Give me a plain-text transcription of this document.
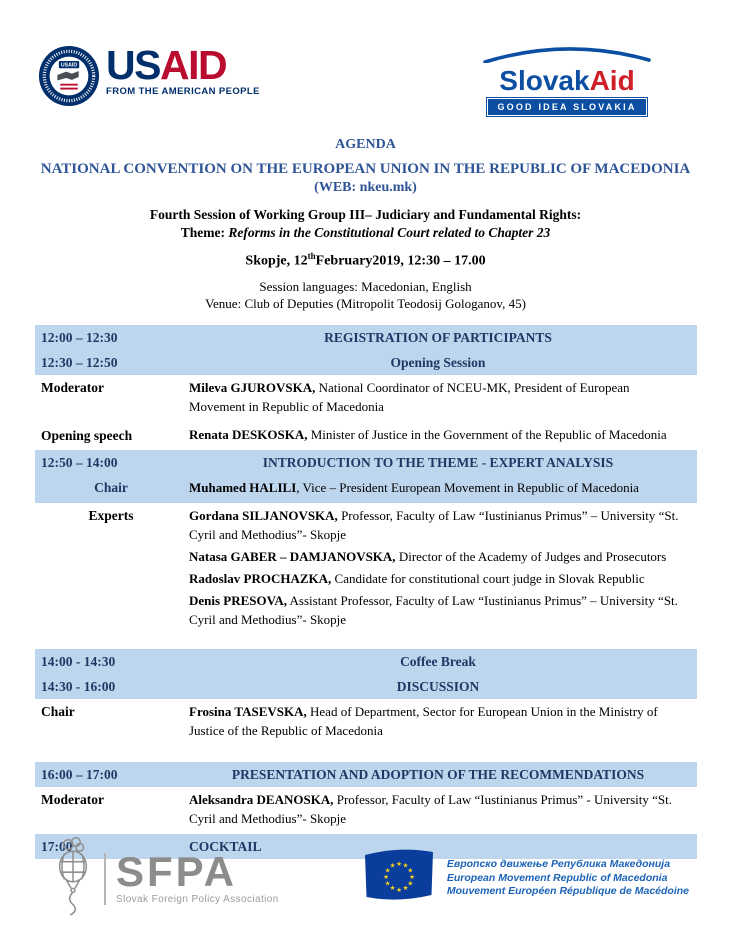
USAID USAID
FROM THE AMERICAN PEOPLE	SlovakAid
GOOD IDEA SLOVAKIA
AGENDA
NATIONAL CONVENTION ON THE EUROPEAN UNION IN THE REPUBLIC OF MACEDONIA
(WEB: nkeu.mk)
Fourth Session of Working Group III– Judiciary and Fundamental Rights:
Theme: Reforms in the Constitutional Court related to Chapter 23
Skopje, 12thFebruary2019, 12:30 – 17.00
Session languages: Macedonian, English
Venue: Club of Deputies (Mitropolit Teodosij Gologanov, 45)
12:00 – 12:30	REGISTRATION OF PARTICIPANTS
12:30 – 12:50	Opening Session
Moderator	Mileva GJUROVSKA, National Coordinator of NCEU-MK, President of European Movement in Republic of Macedonia
Opening speech	Renata DESKOSKA, Minister of Justice in the Government of the Republic of Macedonia
12:50 – 14:00	INTRODUCTION TO THE THEME - EXPERT ANALYSIS
Chair	Muhamed HALILI, Vice – President European Movement in Republic of Macedonia
Experts	Gordana SILJANOVSKA, Professor, Faculty of Law “Iustinianus Primus” – University “St. Cyril and Methodius”- Skopje
Natasa GABER – DAMJANOVSKA, Director of the Academy of Judges and Prosecutors
Radoslav PROCHAZKA, Candidate for constitutional court judge in Slovak Republic
Denis PRESOVA, Assistant Professor, Faculty of Law “Iustinianus Primus” – University “St. Cyril and Methodius”- Skopje
14:00 - 14:30	Coffee Break
14:30 - 16:00	DISCUSSION
Chair	Frosina TASEVSKA, Head of Department, Sector for European Union in the Ministry of Justice of the Republic of Macedonia
16:00 – 17:00	PRESENTATION AND ADOPTION OF THE RECOMMENDATIONS
Moderator	Aleksandra DEANOSKA, Professor, Faculty of Law “Iustinianus Primus” - University “St. Cyril and Methodius”- Skopje
17:00	COCKTAIL
SFPA
Slovak Foreign Policy Association
★ ★
★
★
★
★
★
★
★
★
★
★	Европско движење Република Македонија
European Movement Republic of Macedonia
Mouvement Européen République de Macédoine
